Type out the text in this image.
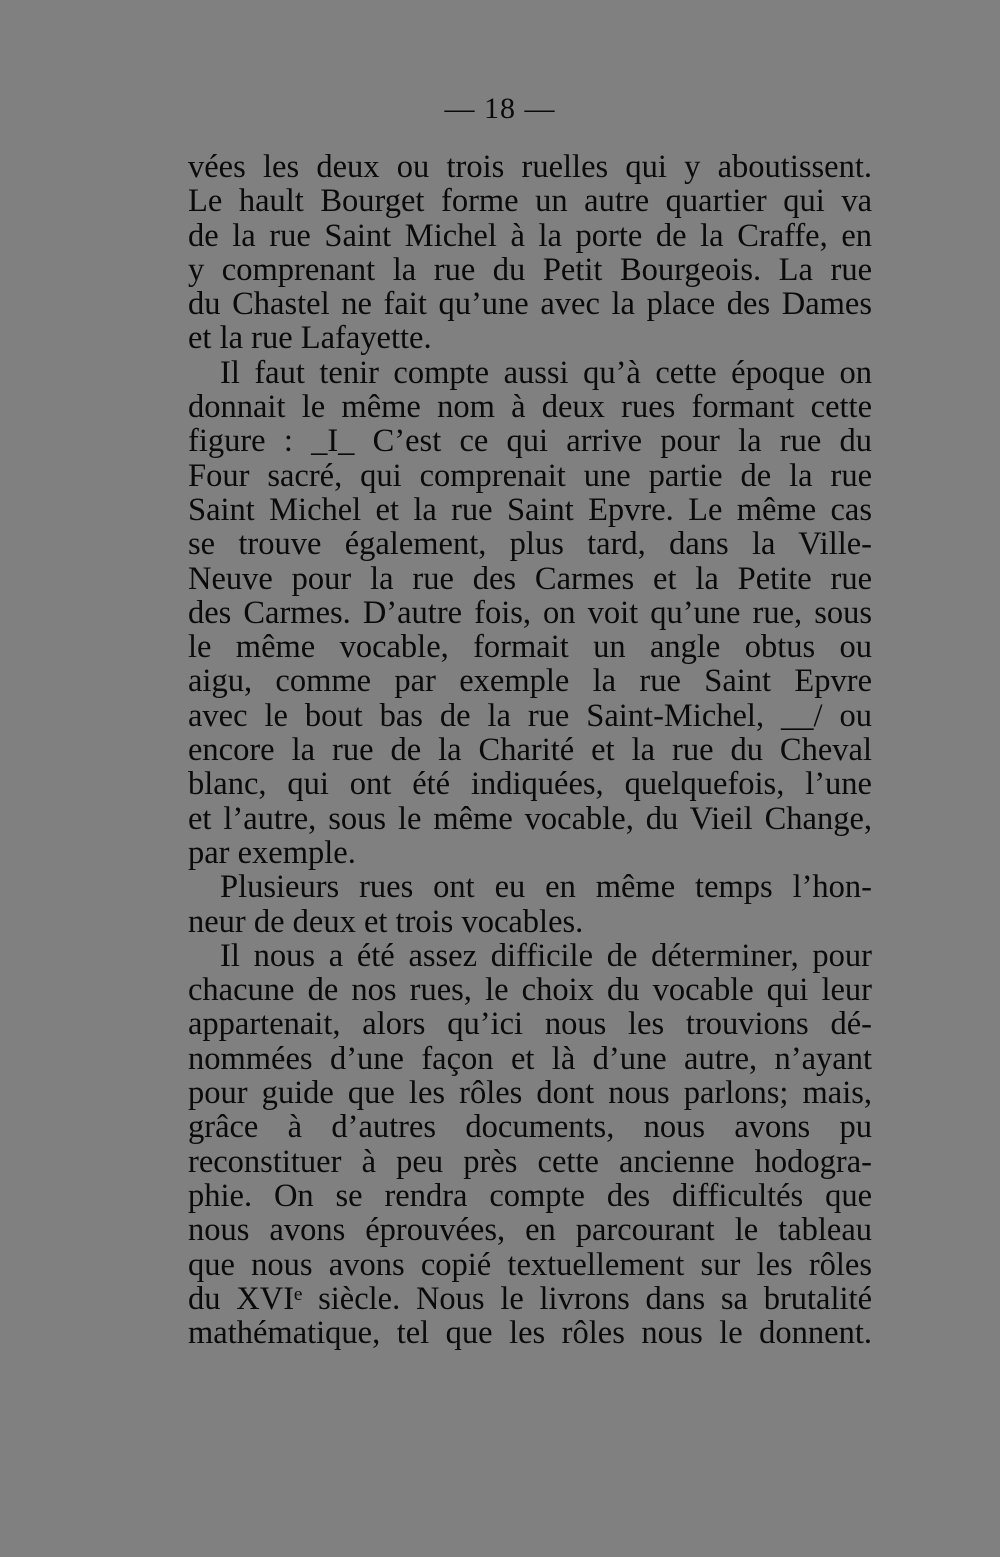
— 18 —
vées les deux ou trois ruelles qui y aboutissent.
Le hault Bourget forme un autre quartier qui va
de la rue Saint Michel à la porte de la Craffe, en
y comprenant la rue du Petit Bourgeois. La rue
du Chastel ne fait qu’une avec la place des Dames
et la rue Lafayette.
Il faut tenir compte aussi qu’à cette époque on
donnait le même nom à deux rues formant cette
figure : _I_ C’est ce qui arrive pour la rue du
Four sacré, qui comprenait une partie de la rue
Saint Michel et la rue Saint Epvre. Le même cas
se trouve également, plus tard, dans la Ville-
Neuve pour la rue des Carmes et la Petite rue
des Carmes. D’autre fois, on voit qu’une rue, sous
le même vocable, formait un angle obtus ou
aigu, comme par exemple la rue Saint Epvre
avec le bout bas de la rue Saint-Michel, __/ ou
encore la rue de la Charité et la rue du Cheval
blanc, qui ont été indiquées, quelquefois, l’une
et l’autre, sous le même vocable, du Vieil Change,
par exemple.
Plusieurs rues ont eu en même temps l’hon-
neur de deux et trois vocables.
Il nous a été assez difficile de déterminer, pour
chacune de nos rues, le choix du vocable qui leur
appartenait, alors qu’ici nous les trouvions dé-
nommées d’une façon et là d’une autre, n’ayant
pour guide que les rôles dont nous parlons; mais,
grâce à d’autres documents, nous avons pu
reconstituer à peu près cette ancienne hodogra-
phie. On se rendra compte des difficultés que
nous avons éprouvées, en parcourant le tableau
que nous avons copié textuellement sur les rôles
du XVIᵉ siècle. Nous le livrons dans sa brutalité
mathématique, tel que les rôles nous le donnent.
